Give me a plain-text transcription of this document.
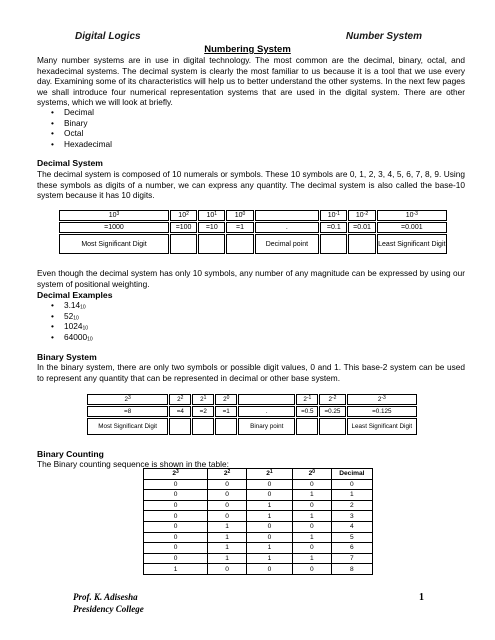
Digital Logics	Number System
Numbering System
Many number systems are in use in digital technology. The most common are the decimal, binary, octal, and hexadecimal systems. The decimal system is clearly the most familiar to us because it is a tool that we use every day. Examining some of its characteristics will help us to better understand the other systems. In the next few pages we shall introduce four numerical representation systems that are used in the digital system. There are other systems, which we will look at briefly.
• Decimal
• Binary
• Octal
• Hexadecimal
Decimal System
The decimal system is composed of 10 numerals or symbols. These 10 symbols are 0, 1, 2, 3, 4, 5, 6, 7, 8, 9. Using these symbols as digits of a number, we can express any quantity. The decimal system is also called the base-10 system because it has 10 digits.
$10^3$	$10^2$	$10^1$	$10^0$		$10^{-1}$	$10^{-2}$	$10^{-3}$
=1000	=100	=10	=1	.	=0.1	=0.01	=0.001
Most Significant Digit				Decimal point			Least Significant Digit
Even though the decimal system has only 10 symbols, any number of any magnitude can be expressed by using our system of positional weighting.
Decimal Examples
• 3.1410
• 5210
• 102410
• 6400010
Binary System
In the binary system, there are only two symbols or possible digit values, 0 and 1. This base-2 system can be used to represent any quantity that can be represented in decimal or other base system.
$2^3$	$2^2$	$2^1$	$2^0$		$2^{-1}$	$2^{-2}$	$2^{-3}$
=8	=4	=2	=1	.	=0.5	=0.25	=0.125
Most Significant Digit				Binary point			Least Significant Digit
Binary Counting
The Binary counting sequence is shown in the table:
$2^3$	$2^2$	$2^1$	$2^0$	Decimal
0	0	0	0	0
0	0	0	1	1
0	0	1	0	2
0	0	1	1	3
0	1	0	0	4
0	1	0	1	5
0	1	1	0	6
0	1	1	1	7
1	0	0	0	8
Prof. K. Adisesha
Presidency College
1
